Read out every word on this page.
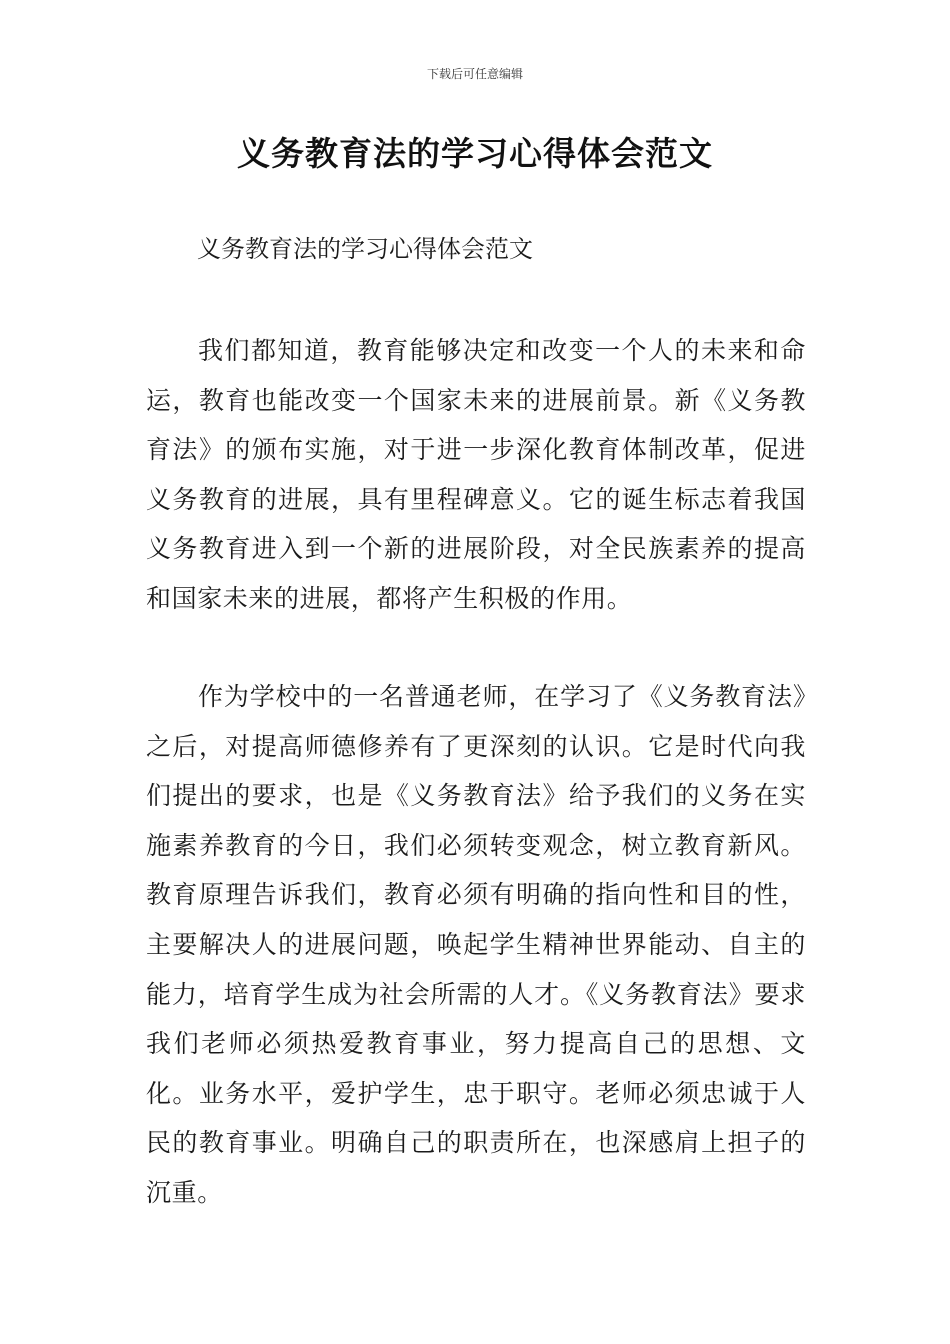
下载后可任意编辑
义务教育法的学习心得体会范文
义务教育法的学习心得体会范文

我们都知道，教育能够决定和改变一个人的未来和命运，教育也能改变一个国家未来的进展前景。新《义务教育法》的颁布实施，对于进一步深化教育体制改革，促进义务教育的进展，具有里程碑意义。它的诞生标志着我国义务教育进入到一个新的进展阶段，对全民族素养的提高和国家未来的进展，都将产生积极的作用。

作为学校中的一名普通老师，在学习了《义务教育法》之后，对提高师德修养有了更深刻的认识。它是时代向我们提出的要求，也是《义务教育法》给予我们的义务在实施素养教育的今日，我们必须转变观念，树立教育新风。教育原理告诉我们，教育必须有明确的指向性和目的性，主要解决人的进展问题，唤起学生精神世界能动、自主的能力，培育学生成为社会所需的人才。《义务教育法》要求我们老师必须热爱教育事业，努力提高自己的思想、文化。业务水平，爱护学生，忠于职守。老师必须忠诚于人民的教育事业。明确自己的职责所在，也深感肩上担子的沉重。
